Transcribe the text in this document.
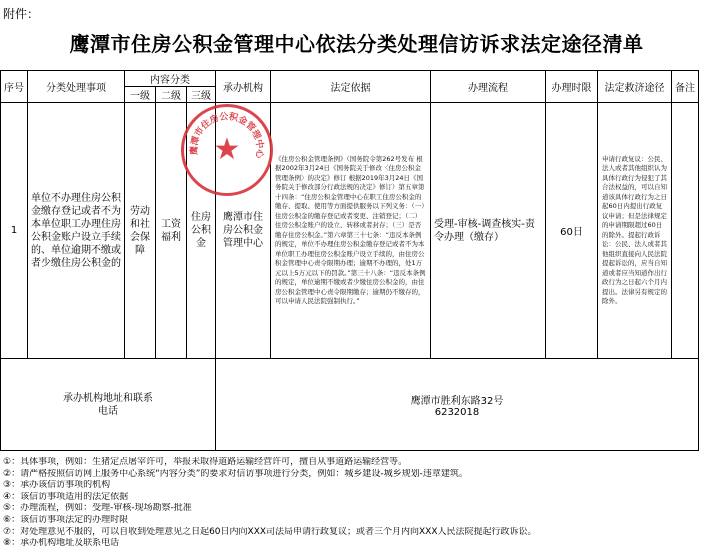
附件：
鹰潭市住房公积金管理中心依法分类处理信访诉求法定途径清单
序号	分类处理事项	内容分类			承办机构	法定依据	办理流程	办理时限	法定救济途径	备注
		一级	二级	三级						
1	单位不办理住房公积金缴存登记或者不为本单位职工办理住房公积金账户设立手续的、单位逾期不缴或者少缴住房公积金的	劳动和社会保障	工资福利	住房公积金	鹰潭市住房公积金管理中心	《住房公积金管理条例》（国务院令第262号发布 根据2002年3月24日《国务院关于修改〈住房公积金管理条例〉的决定》修订 根据2019年3月24日《国务院关于修改部分行政法规的决定》修订）第五章第十四条：“住房公积金管理中心在职工住房公积金的缴存、提取、使用等方面提供服务以下列义务：（一）住房公积金的缴存登记或者变更、注销登记；（二）住房公积金账户的设立、转移或者封存；（三）是否缴存住房公积金。”第六章第三十七条：“违反本条例的规定，单位不办理住房公积金缴存登记或者不为本单位职工办理住房公积金账户设立手续的，由住房公积金管理中心责令限期办理；逾期不办理的，处1万元以上5万元以下的罚款。”第三十八条：“违反本条例的规定，单位逾期不缴或者少缴住房公积金的，由住房公积金管理中心责令限期缴存；逾期仍不缴存的，可以申请人民法院强制执行。”	受理-审核-调查核实-责令办理（缴存）	60日	申请行政复议：公民、法人或者其他组织认为具体行政行为侵犯了其合法权益的，可以自知道该具体行政行为之日起60日内提出行政复议申请；但是法律规定的申请期限超过60日的除外。提起行政诉讼：公民、法人或者其他组织直接向人民法院提起诉讼的，应当自知道或者应当知道作出行政行为之日起六个月内提出。法律另有规定的除外。	

承办机构地址和联系电话					鹰潭市胜利东路32号
6232018					
鹰潭市住房公积金管理中心
★
①：具体事项，例如：生猪定点屠宰许可，举报未取得道路运输经营许可，擅自从事道路运输经营等。
②：请严格按照信访网上服务中心系统“内容分类”的要求对信访事项进行分类，例如：城乡建设-城乡规划-违章建筑。
③：承办该信访事项的机构
④：该信访事项适用的法定依据
⑤：办理流程，例如：受理-审核-现场勘察-批准
⑥：该信访事项法定的办理时限
⑦：对处理意见不服的，可以自收到处理意见之日起60日内向XXX司法局申请行政复议；或者三个月内向XXX人民法院提起行政诉讼。
⑧：承办机构地址及联系电话
